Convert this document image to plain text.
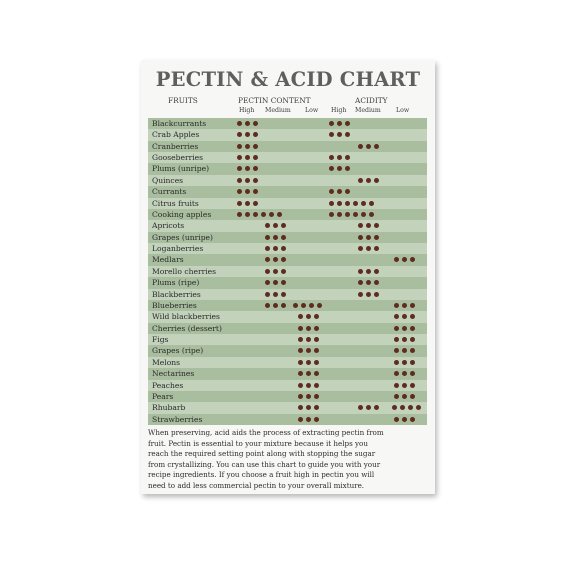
PECTIN & ACID CHART
FRUITS	PECTIN CONTENT	ACIDITY
High Medium Low High Medium Low
Blackcurrants
Crab Apples
Cranberries
Gooseberries
Plums (unripe)
Quinces
Currants
Citrus fruits
Cooking apples
Apricots
Grapes (unripe)
Loganberries
Medlars
Morello cherries
Plums (ripe)
Blackberries
Blueberries
Wild blackberries
Cherries (dessert)
Figs
Grapes (ripe)
Melons
Nectarines
Peaches
Pears
Rhubarb
Strawberries
When preserving, acid aids the process of extracting pectin from
fruit. Pectin is essential to your mixture because it helps you
reach the required setting point along with stopping the sugar
from crystallizing. You can use this chart to guide you with your
recipe ingredients. If you choose a fruit high in pectin you will
need to add less commercial pectin to your overall mixture.
